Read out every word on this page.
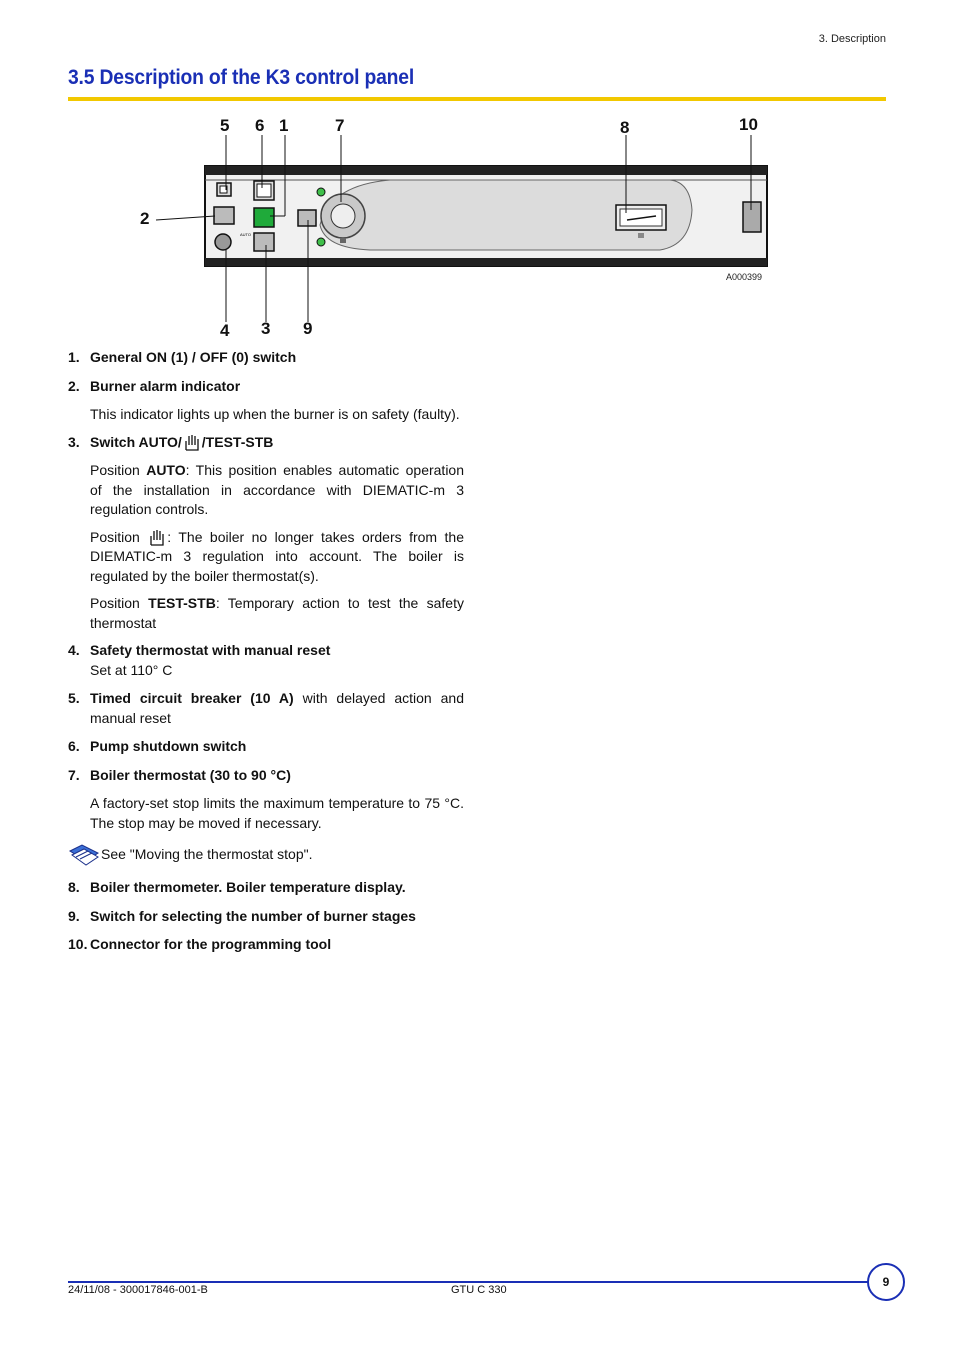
3. Description
3.5 Description of the K3 control panel
AUTO
5 6 1	7	8	10
2
4 3 9
A000399
1. General ON (1) / OFF (0) switch
2. Burner alarm indicator
This indicator lights up when the burner is on safety (faulty).
3. Switch AUTO/ /TEST-STB
Position AUTO: This position enables automatic operation of the installation in accordance with DIEMATIC-m 3 regulation controls.
Position : The boiler no longer takes orders from the DIEMATIC-m 3 regulation into account. The boiler is regulated by the boiler thermostat(s).
Position TEST-STB: Temporary action to test the safety thermostat
4. Safety thermostat with manual reset
Set at 110° C
5. Timed circuit breaker (10 A) with delayed action and manual reset
6. Pump shutdown switch
7. Boiler thermostat (30 to 90 °C)
A factory-set stop limits the maximum temperature to 75 °C. The stop may be moved if necessary.
See "Moving the thermostat stop".
8. Boiler thermometer. Boiler temperature display.
9. Switch for selecting the number of burner stages
10. Connector for the programming tool
24/11/08 - 300017846-001-B	GTU C 330
9
